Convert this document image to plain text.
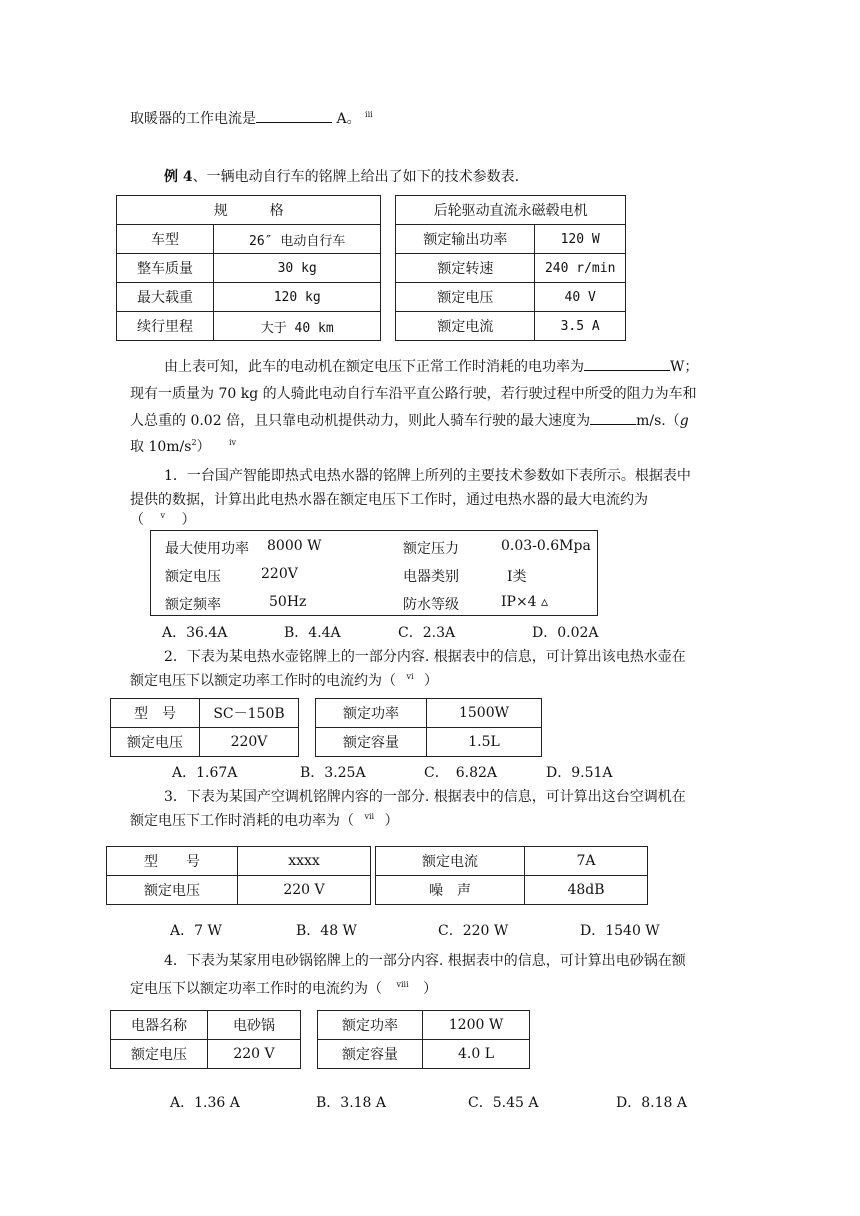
取暖器的工作电流是	A。 $^{iii}$
例 4、一辆电动自行车的铭牌上给出了如下的技术参数表.
规　　　格			后轮驱动直流永磁毂电机	
车型	26″ 电动自行车		额定输出功率	120 W
整车质量	30 kg		额定转速	240 r/min
最大载重	120 kg		额定电压	40 V
续行里程	大于 40 km		额定电流	3.5 A
由上表可知，此车的电动机在额定电压下正常工作时消耗的电功率为	W；
现有一质量为 70 kg 的人骑此电动自行车沿平直公路行驶，若行驶过程中所受的阻力为车和
人总重的 0.02 倍，且只靠电动机提供动力，则此人骑车行驶的最大速度为	m/s.（g
取 $10m/s^2$） $^{iv}$
1．一台国产智能即热式电热水器的铭牌上所列的主要技术参数如下表所示。根据表中
提供的数据，计算出此电热水器在额定电压下工作时，通过电热水器的最大电流约为
（ $^v$ ）
最大使用功率 8000 W	额定压力	0.03-0.6Mpa
额定电压	220V	电器类别	Ⅰ类
额定频率	50Hz	防水等级	IP×4 ▵
A．36.4A	B．4.4A	C．2.3A	D．0.02A
2．下表为某电热水壶铭牌上的一部分内容. 根据表中的信息，可计算出该电热水壶在
额定电压下以额定功率工作时的电流约为（ $^{vi}$ ）
型　号	SC－150B		额定功率	1500W
额定电压	220V		额定容量	1.5L
A．1.67A	B．3.25A	C．　6.82A	D．9.51A
3．下表为某国产空调机铭牌内容的一部分. 根据表中的信息，可计算出这台空调机在
额定电压下工作时消耗的电功率为（ $^{vii}$ ）
型　　号	xxxx		额定电流	7A
额定电压	220 V		噪　声	48dB
A．7 W	B．48 W	C．220 W	D．1540 W
4．下表为某家用电砂锅铭牌上的一部分内容. 根据表中的信息，可计算出电砂锅在额
定电压下以额定功率工作时的电流约为（ $^{viii}$ ）
电器名称	电砂锅		额定功率	1200 W
额定电压	220 V		额定容量	4.0 L
A．1.36 A	B．3.18 A	C．5.45 A	D．8.18 A
